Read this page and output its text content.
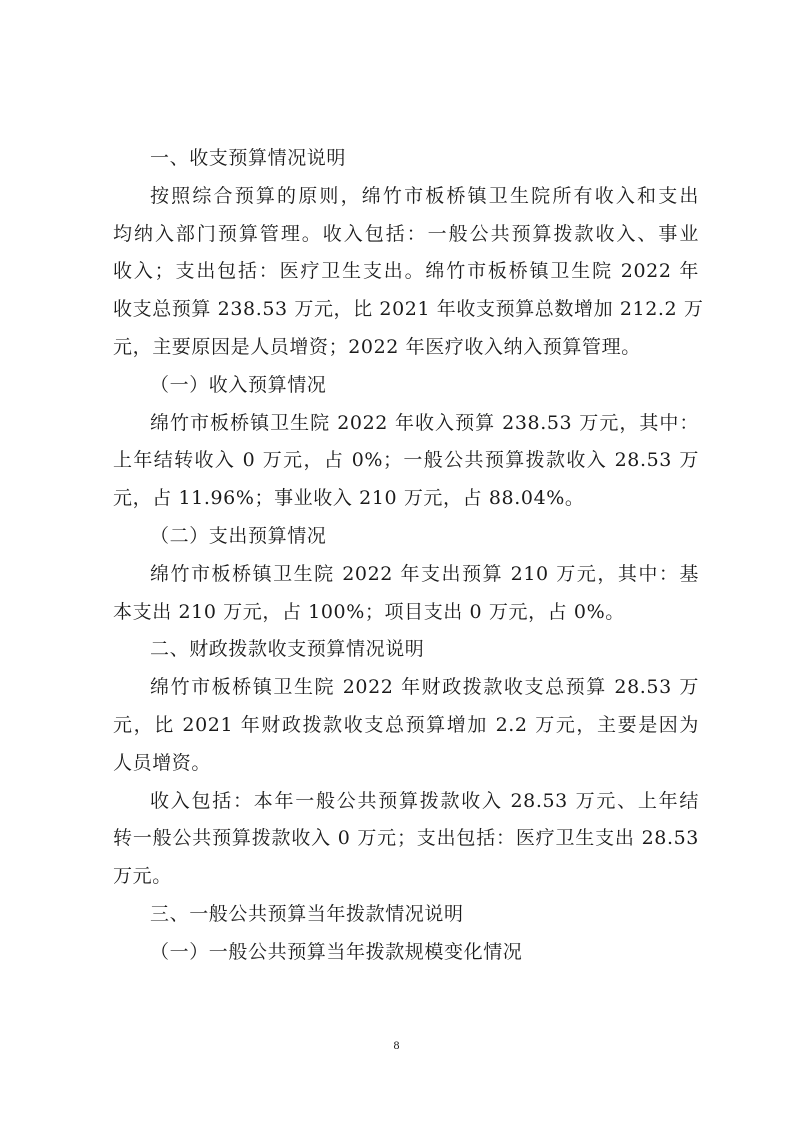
一、收支预算情况说明
按照综合预算的原则，绵竹市板桥镇卫生院所有收入和支出
均纳入部门预算管理。收入包括：一般公共预算拨款收入、事业
收入；支出包括：医疗卫生支出。绵竹市板桥镇卫生院 2022 年
收支总预算 238.53 万元，比 2021 年收支预算总数增加 212.2 万
元，主要原因是人员增资；2022 年医疗收入纳入预算管理。
（一）收入预算情况
绵竹市板桥镇卫生院 2022 年收入预算 238.53 万元，其中：
上年结转收入 0 万元，占 0%；一般公共预算拨款收入 28.53 万
元，占 11.96%；事业收入 210 万元，占 88.04%。
（二）支出预算情况
绵竹市板桥镇卫生院 2022 年支出预算 210 万元，其中：基
本支出 210 万元，占 100%；项目支出 0 万元，占 0%。
二、财政拨款收支预算情况说明
绵竹市板桥镇卫生院 2022 年财政拨款收支总预算 28.53 万
元，比 2021 年财政拨款收支总预算增加 2.2 万元，主要是因为
人员增资。
收入包括：本年一般公共预算拨款收入 28.53 万元、上年结
转一般公共预算拨款收入 0 万元；支出包括：医疗卫生支出 28.53
万元。
三、一般公共预算当年拨款情况说明
（一）一般公共预算当年拨款规模变化情况
8
